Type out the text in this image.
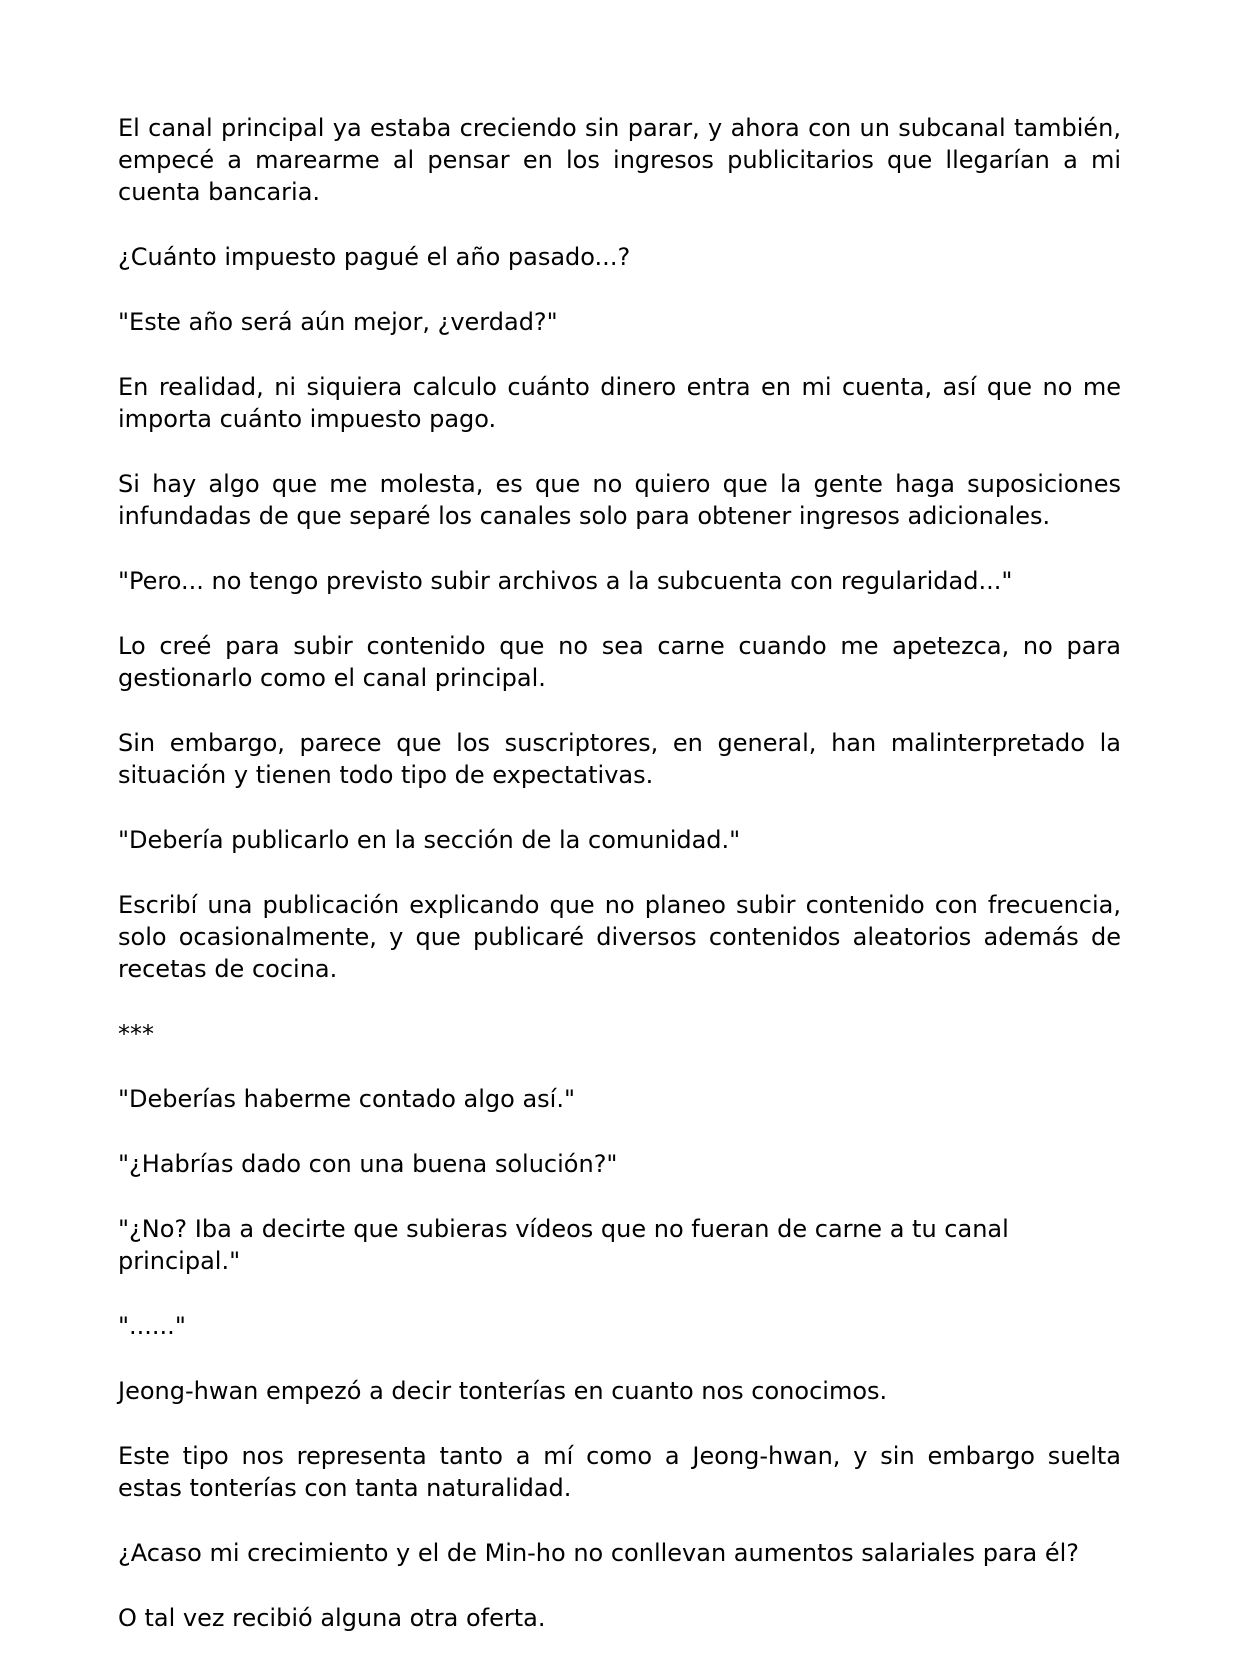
El canal principal ya estaba creciendo sin parar, y ahora con un subcanal también, empecé a marearme al pensar en los ingresos publicitarios que llegarían a mi cuenta bancaria.

¿Cuánto impuesto pagué el año pasado...?

"Este año será aún mejor, ¿verdad?"

En realidad, ni siquiera calculo cuánto dinero entra en mi cuenta, así que no me importa cuánto impuesto pago.

Si hay algo que me molesta, es que no quiero que la gente haga suposiciones infundadas de que separé los canales solo para obtener ingresos adicionales.

"Pero... no tengo previsto subir archivos a la subcuenta con regularidad..."

Lo creé para subir contenido que no sea carne cuando me apetezca, no para gestionarlo como el canal principal.

Sin embargo, parece que los suscriptores, en general, han malinterpretado la situación y tienen todo tipo de expectativas.

"Debería publicarlo en la sección de la comunidad."

Escribí una publicación explicando que no planeo subir contenido con frecuencia, solo ocasionalmente, y que publicaré diversos contenidos aleatorios además de recetas de cocina.

***

"Deberías haberme contado algo así."

"¿Habrías dado con una buena solución?"

"¿No? Iba a decirte que subieras vídeos que no fueran de carne a tu canal principal."

"......"

Jeong-hwan empezó a decir tonterías en cuanto nos conocimos.

Este tipo nos representa tanto a mí como a Jeong-hwan, y sin embargo suelta estas tonterías con tanta naturalidad.

¿Acaso mi crecimiento y el de Min-ho no conllevan aumentos salariales para él?

O tal vez recibió alguna otra oferta.
